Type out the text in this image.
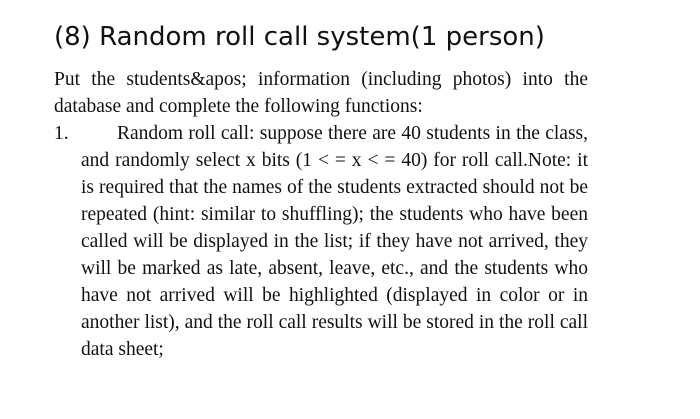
(8) Random roll call system(1 person)

Put the students&apos; information (including photos) into the database and complete the following functions:

1. Random roll call: suppose there are 40 students in the class, and randomly select x bits (1 < = x < = 40) for roll call.Note: it is required that the names of the students extracted should not be repeated (hint: similar to shuffling); the students who have been called will be displayed in the list; if they have not arrived, they will be marked as late, absent, leave, etc., and the students who have not arrived will be highlighted (displayed in color or in another list), and the roll call results will be stored in the roll call data sheet;
